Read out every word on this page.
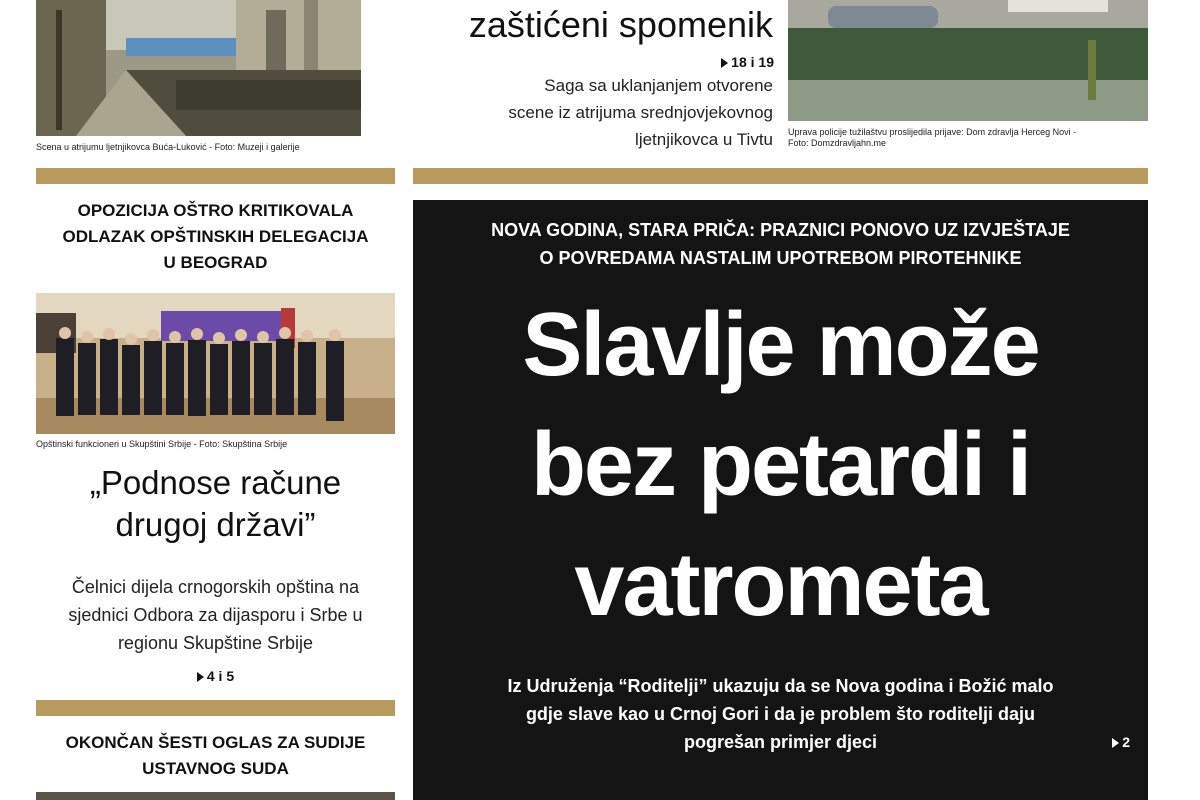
Scena u atrijumu ljetnjikovca Buća-Luković - Foto: Muzeji i galerije
zaštićeni spomenik
18 i 19
Saga sa uklanjanjem otvorene
scene iz atrijuma srednjovjekovnog
ljetnjikovca u Tivtu Uprava policije tužilaštvu proslijedila prijave: Dom zdravlja Herceg Novi -
Foto: Domzdravljahn.me
OPOZICIJA OŠTRO KRITIKOVALA
ODLAZAK OPŠTINSKIH DELEGACIJA
U BEOGRAD
Opštinski funkcioneri u Skupštini Srbije - Foto: Skupština Srbije
„Podnose račune
drugoj državi”
Čelnici dijela crnogorskih opština na
sjednici Odbora za dijasporu i Srbe u
regionu Skupštine Srbije
4 i 5
OKONČAN ŠESTI OGLAS ZA SUDIJE
USTAVNOG SUDA
NOVA GODINA, STARA PRIČA: PRAZNICI PONOVO UZ IZVJEŠTAJE
O POVREDAMA NASTALIM UPOTREBOM PIROTEHNIKE
Slavlje može
bez petardi i
vatrometa
Iz Udruženja “Roditelji” ukazuju da se Nova godina i Božić malo
gdje slave kao u Crnoj Gori i da je problem što roditelji daju
pogrešan primjer djeci	2
